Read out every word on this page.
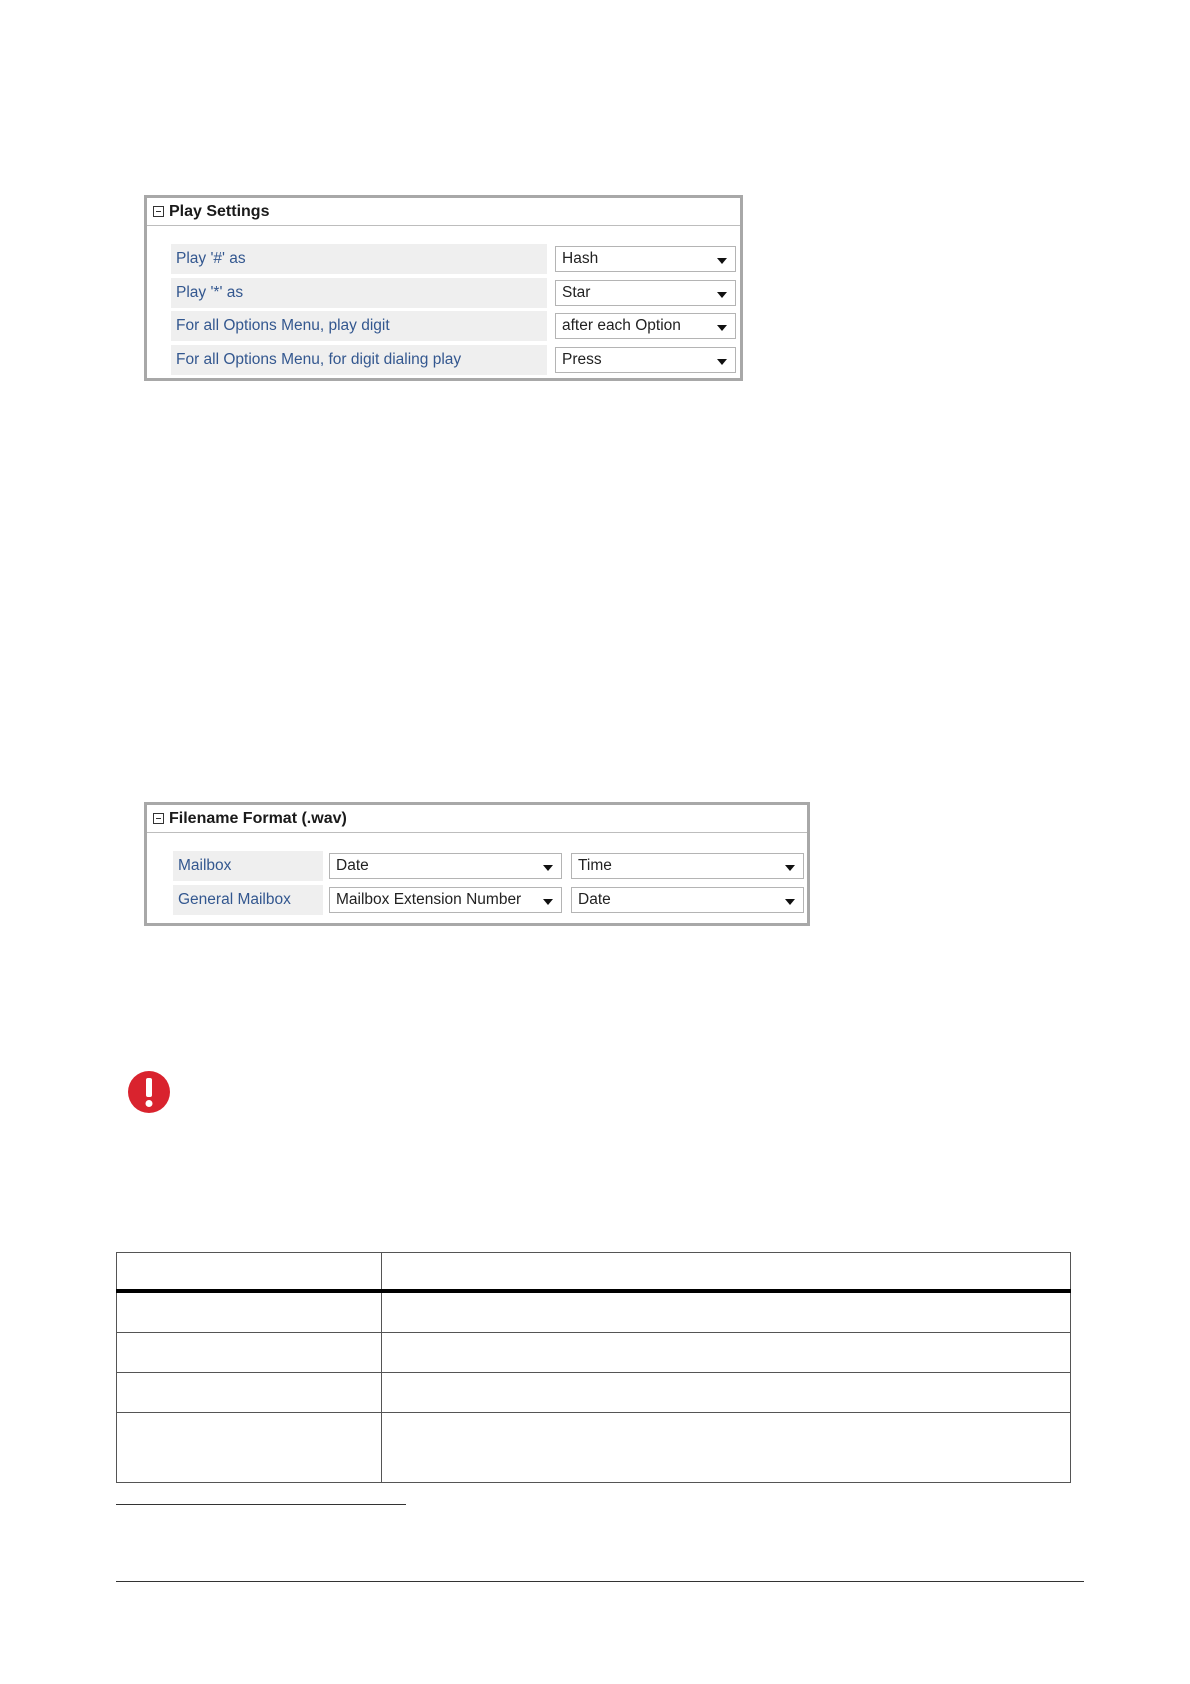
Play Settings
Play '#' as	Hash
Play '*' as	Star
For all Options Menu, play digit	after each Option
For all Options Menu, for digit dialing play	Press
Filename Format (.wav)
Mailbox	Date	Time
General Mailbox	Mailbox Extension Number	Date
